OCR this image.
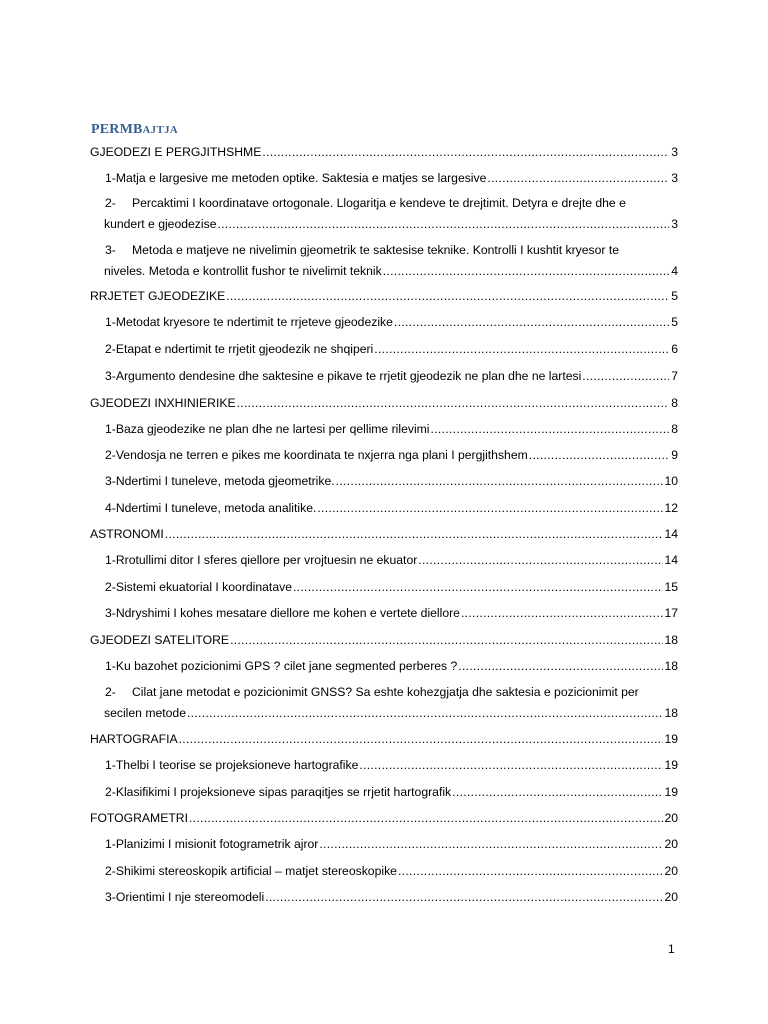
PERMBAJTJA
GJEODEZI E PERGJITHSHME .....	3
1- Matja e largesive me metoden optike. Saktesia e matjes se largesive .....	3
2-	Percaktimi I koordinatave ortogonale. Llogaritja e kendeve te drejtimit. Detyra e drejte dhe e
kundert e gjeodezise .....	3
3-	Metoda e matjeve ne nivelimin gjeometrik te saktesise teknike. Kontrolli I kushtit kryesor te
niveles. Metoda e kontrollit fushor te nivelimit teknik .....	4
RRJETET GJEODEZIKE .....	5
1- Metodat kryesore te ndertimit te rrjeteve gjeodezike .....	5
2- Etapat e ndertimit te rrjetit gjeodezik ne shqiperi .....	6
3- Argumento dendesine dhe saktesine e pikave te rrjetit gjeodezik ne plan dhe ne lartesi .....	7
GJEODEZI INXHINIERIKE .....	8
1- Baza gjeodezike ne plan dhe ne lartesi per qellime rilevimi .....	8
2- Vendosja ne terren e pikes me koordinata te nxjerra nga plani I pergjithshem .....	9
3- Ndertimi I tuneleve, metoda gjeometrike. .....	10
4- Ndertimi I tuneleve, metoda analitike. .....	12
ASTRONOMI .....	14
1- Rrotullimi ditor I sferes qiellore per vrojtuesin ne ekuator .....	14
2- Sistemi ekuatorial I koordinatave .....	15
3- Ndryshimi I kohes mesatare diellore me kohen e vertete diellore .....	17
GJEODEZI SATELITORE .....	18
1- Ku bazohet pozicionimi GPS ? cilet jane segmented perberes ? .....	18
2-	Cilat jane metodat e pozicionimit GNSS? Sa eshte kohezgjatja dhe saktesia e pozicionimit per
secilen metode .....	18
HARTOGRAFIA .....	19
1- Thelbi I teorise se projeksioneve hartografike .....	19
2- Klasifikimi I projeksioneve sipas paraqitjes se rrjetit hartografik .....	19
FOTOGRAMETRI .....	20
1- Planizimi I misionit fotogrametrik ajror .....	20
2- Shikimi stereoskopik artificial – matjet stereoskopike .....	20
3- Orientimi I nje stereomodeli .....	20
1
